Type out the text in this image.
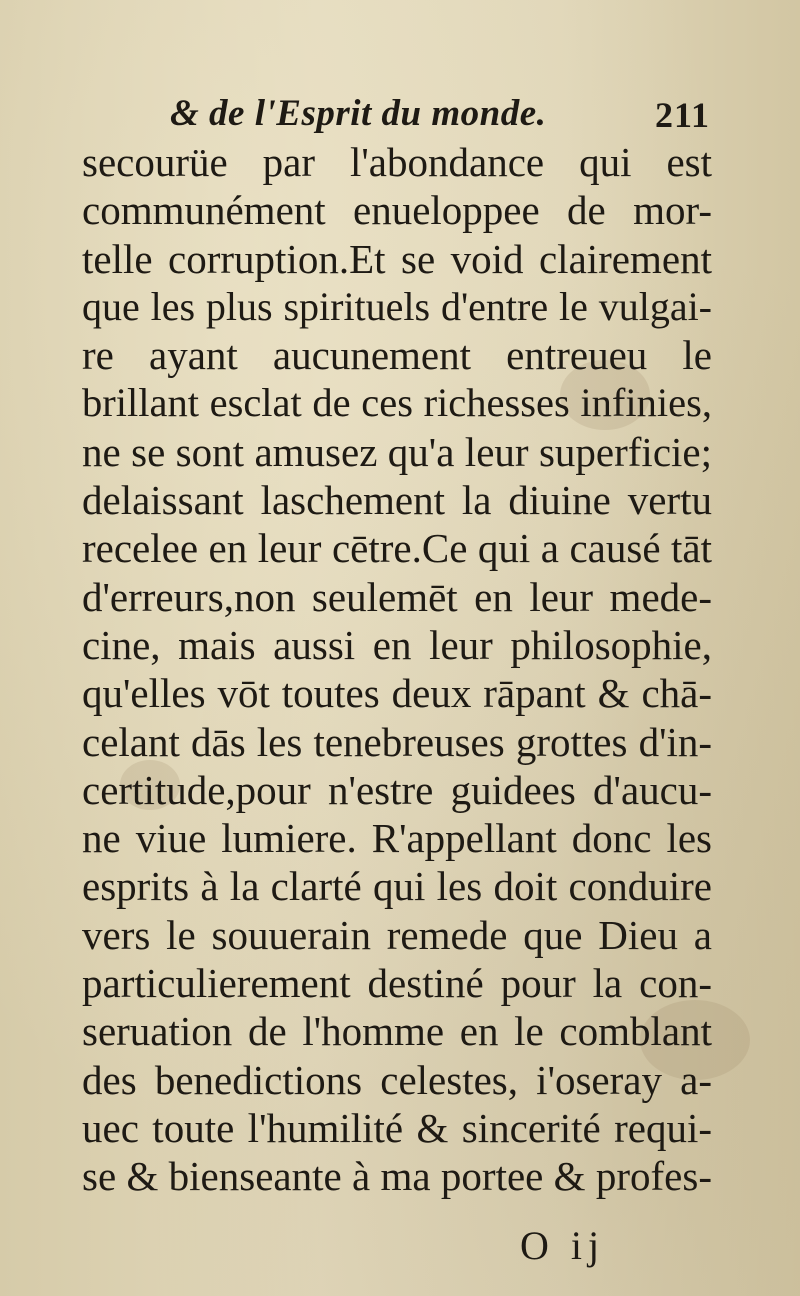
& de l'Esprit du monde.	211
secourüe par l'abondance qui est
communément enueloppee de mor-
telle corruption.Et se void clairement
que les plus spirituels d'entre le vulgai-
re ayant aucunement entreueu le
brillant esclat de ces richesses infinies,
ne se sont amusez qu'a leur superficie;
delaissant laschement la diuine vertu
recelee en leur cētre.Ce qui a causé tāt
d'erreurs,non seulemēt en leur mede-
cine, mais aussi en leur philosophie,
qu'elles vōt toutes deux rāpant & chā-
celant dās les tenebreuses grottes d'in-
certitude,pour n'estre guidees d'aucu-
ne viue lumiere. R'appellant donc les
esprits à la clarté qui les doit conduire
vers le souuerain remede que Dieu a
particulierement destiné pour la con-
seruation de l'homme en le comblant
des benedictions celestes, i'oseray a-
uec toute l'humilité & sincerité requi-
se & bienseante à ma portee & profes-
O ij
